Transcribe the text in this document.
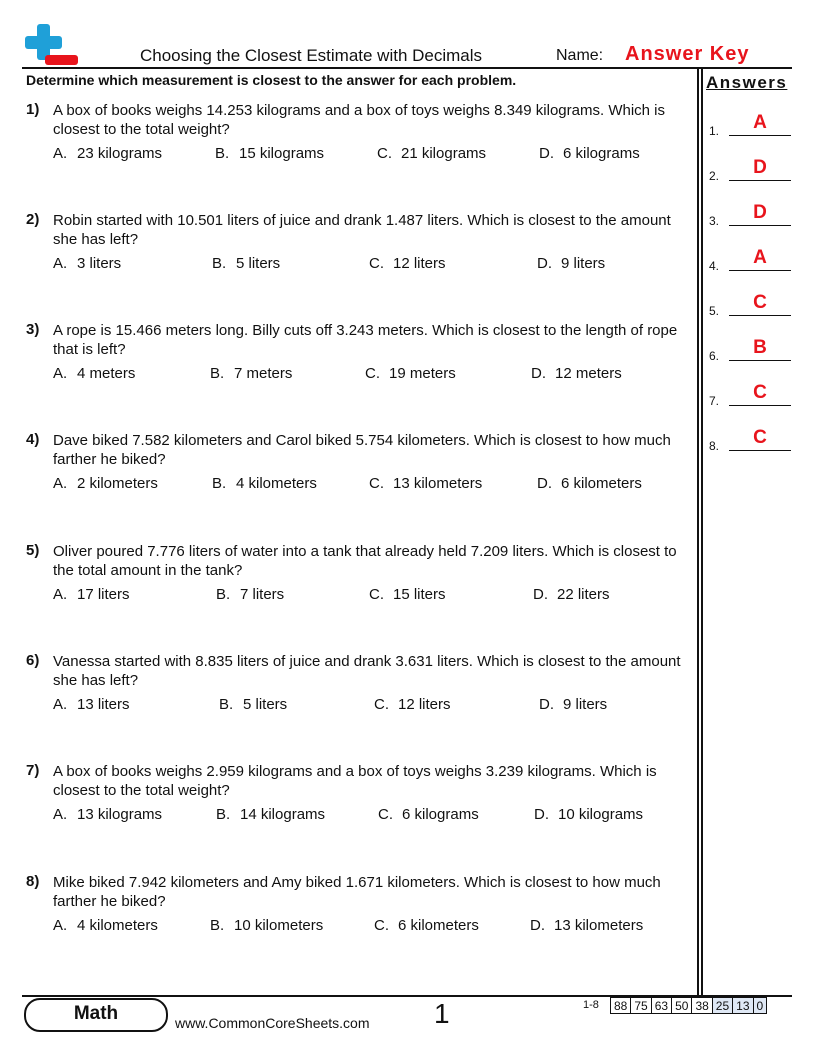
Choosing the Closest Estimate with Decimals	Name: Answer Key
Determine which measurement is closest to the answer for each problem.	Answers
1.	A
2.	D
3.	D
4.	A
5.	C
6.	B
7.	C
8.	C
1) A box of books weighs 14.253 kilograms and a box of toys weighs 8.349 kilograms. Which is closest to the total weight?
A. 23 kilograms	B. 15 kilograms	C. 21 kilograms	D. 6 kilograms
2) Robin started with 10.501 liters of juice and drank 1.487 liters. Which is closest to the amount she has left?
A. 3 liters	B. 5 liters	C. 12 liters	D. 9 liters
3) A rope is 15.466 meters long. Billy cuts off 3.243 meters. Which is closest to the length of rope that is left?
A. 4 meters	B. 7 meters	C. 19 meters	D. 12 meters
4) Dave biked 7.582 kilometers and Carol biked 5.754 kilometers. Which is closest to how much farther he biked?
A. 2 kilometers	B. 4 kilometers	C. 13 kilometers	D. 6 kilometers
5) Oliver poured 7.776 liters of water into a tank that already held 7.209 liters. Which is closest to the total amount in the tank?
A. 17 liters	B. 7 liters	C. 15 liters	D. 22 liters
6) Vanessa started with 8.835 liters of juice and drank 3.631 liters. Which is closest to the amount she has left?
A. 13 liters	B. 5 liters	C. 12 liters	D. 9 liters
7) A box of books weighs 2.959 kilograms and a box of toys weighs 3.239 kilograms. Which is closest to the total weight?
A. 13 kilograms	B. 14 kilograms	C. 6 kilograms	D. 10 kilograms
8) Mike biked 7.942 kilometers and Amy biked 1.671 kilometers. Which is closest to how much farther he biked?
A. 4 kilometers	B. 10 kilometers	C. 6 kilometers	D. 13 kilometers
Math	www.CommonCoreSheets.com 1	1-8 88	75	63	50	38	25	13	0
